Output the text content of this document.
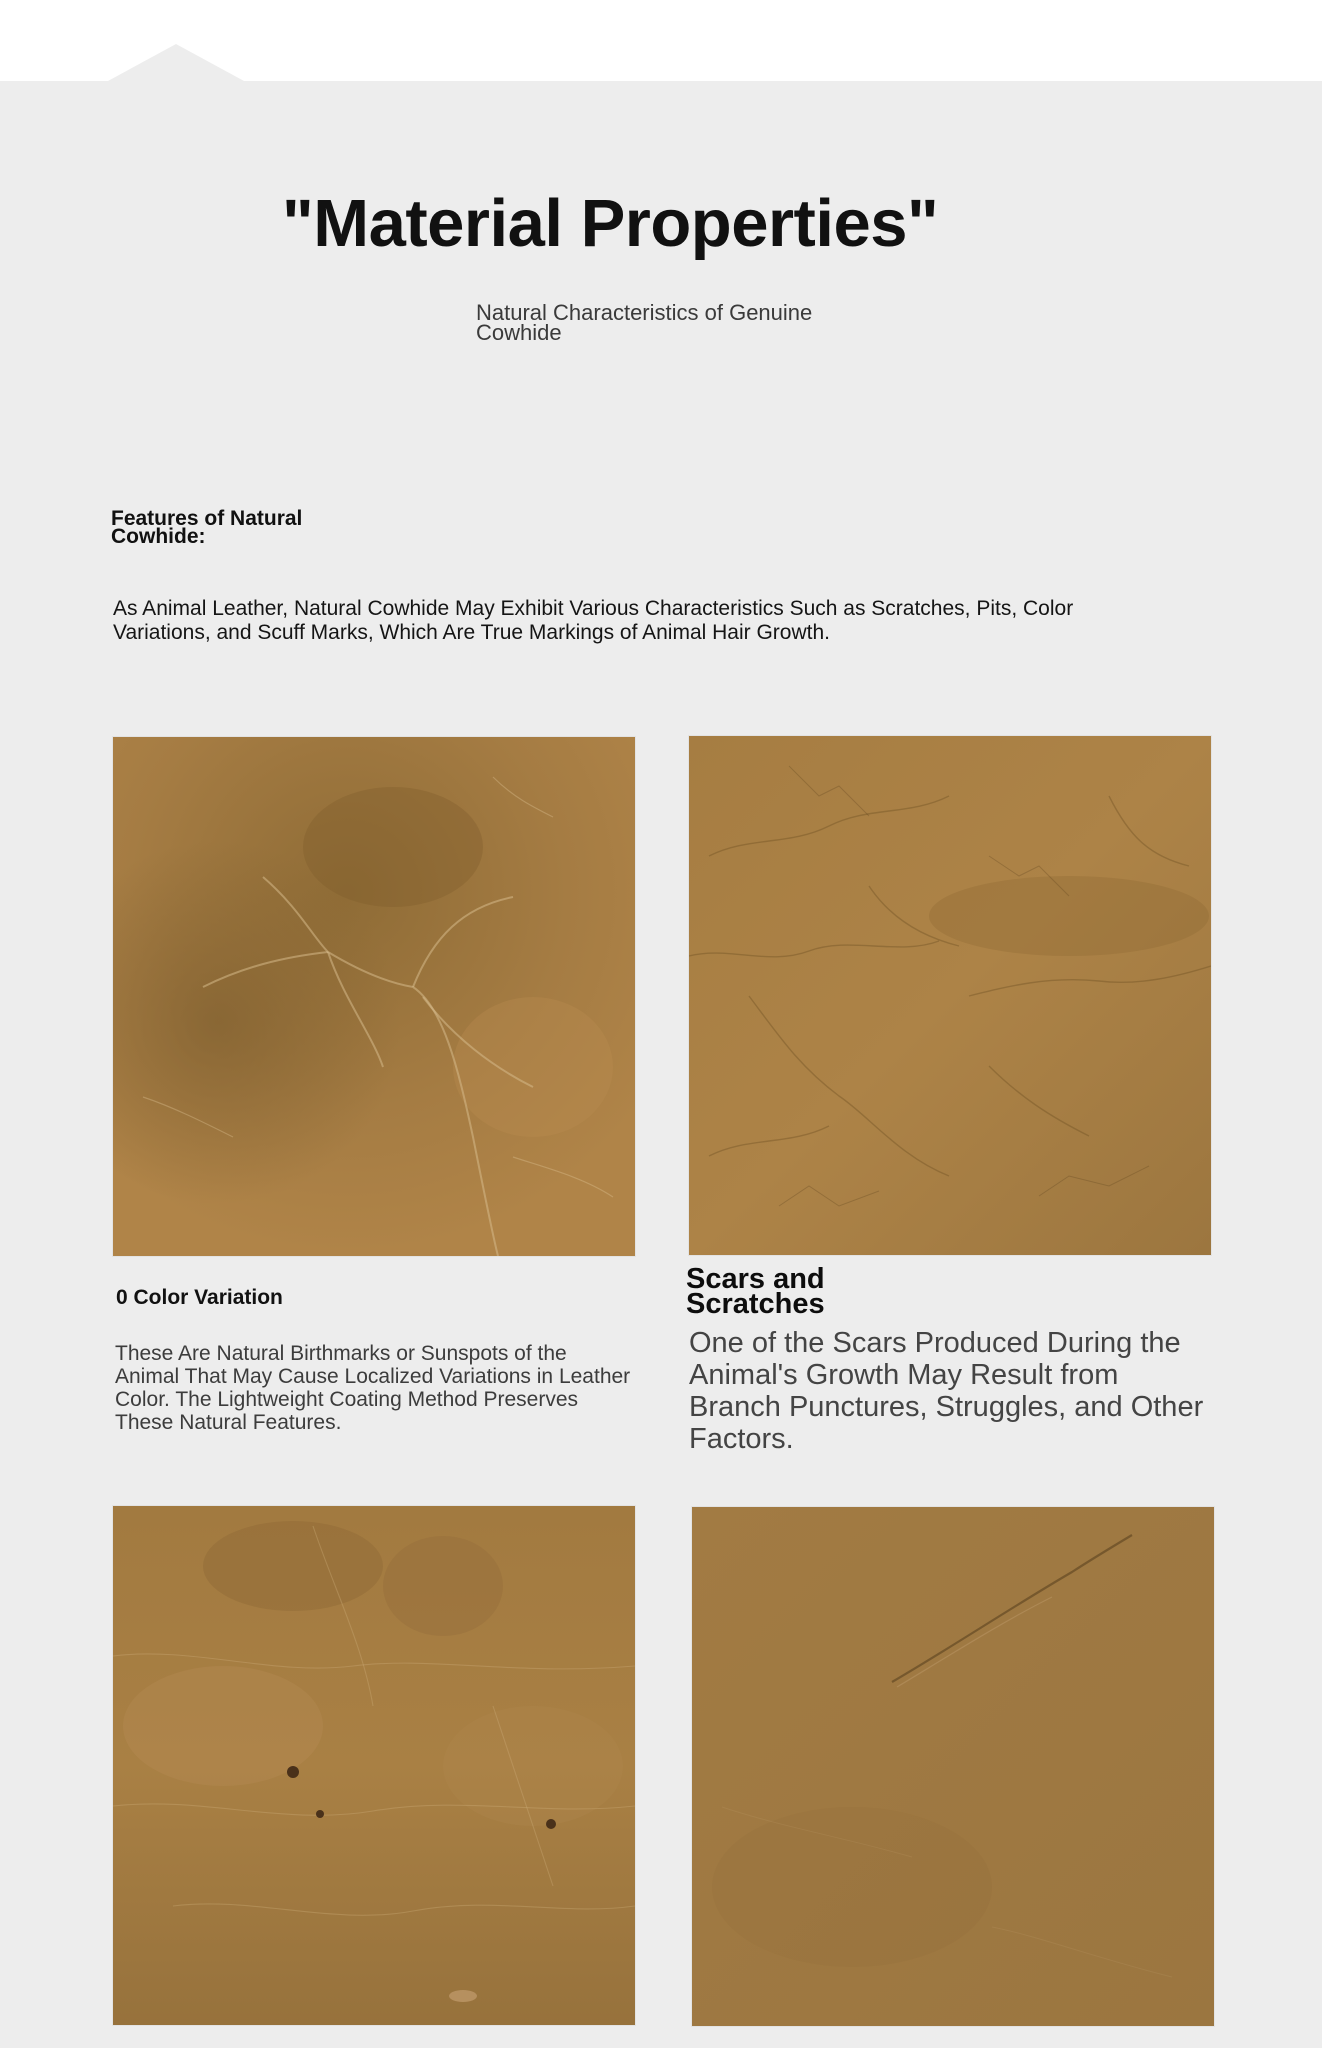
"Material Properties"
Natural Characteristics of Genuine Cowhide
Features of Natural Cowhide:
As Animal Leather, Natural Cowhide May Exhibit Various Characteristics Such as Scratches, Pits, Color Variations, and Scuff Marks, Which Are True Markings of Animal Hair Growth.
0 Color Variation
These Are Natural Birthmarks or Sunspots of the Animal That May Cause Localized Variations in Leather Color. The Lightweight Coating Method Preserves These Natural Features.
Scars and Scratches
One of the Scars Produced During the Animal's Growth May Result from Branch Punctures, Struggles, and Other Factors.
